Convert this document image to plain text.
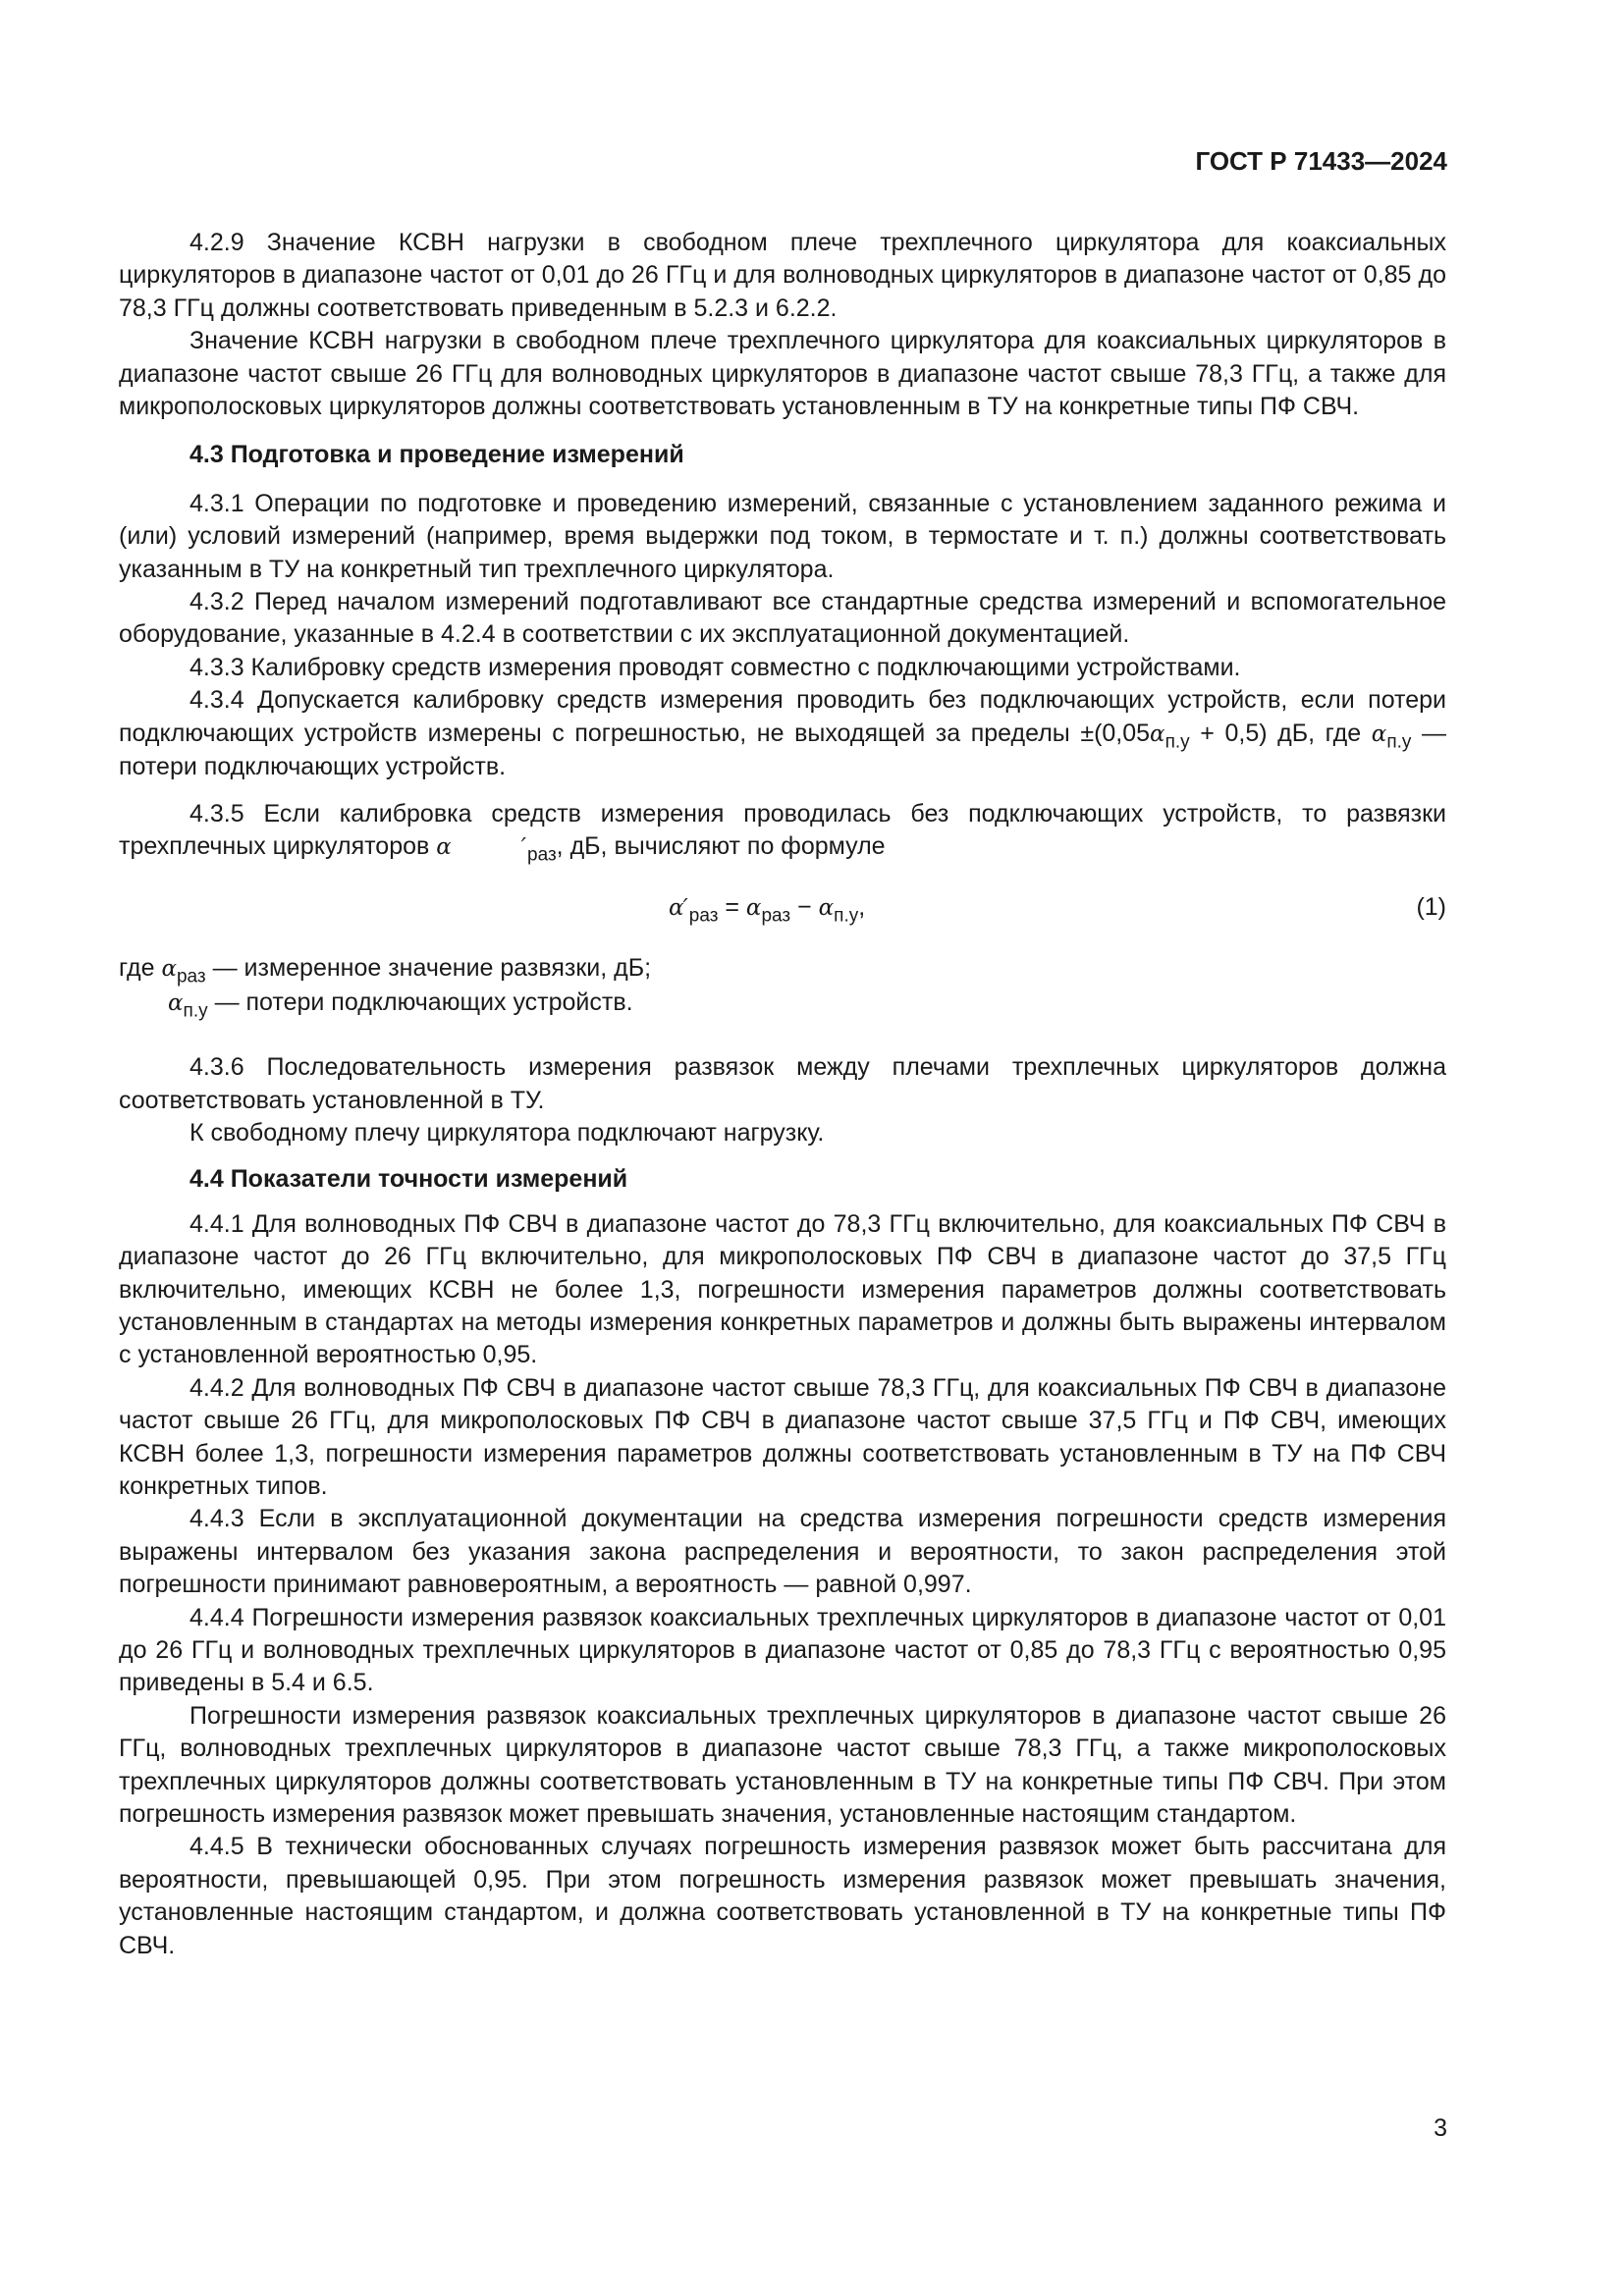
ГОСТ Р 71433—2024

4.2.9 Значение КСВН нагрузки в свободном плече трехплечного циркулятора для коаксиальных циркуляторов в диапазоне частот от 0,01 до 26 ГГц и для волноводных циркуляторов в диапазоне частот от 0,85 до 78,3 ГГц должны соответствовать приведенным в 5.2.3 и 6.2.2.

Значение КСВН нагрузки в свободном плече трехплечного циркулятора для коаксиальных циркуляторов в диапазоне частот свыше 26 ГГц для волноводных циркуляторов в диапазоне частот свыше 78,3 ГГц, а также для микрополосковых циркуляторов должны соответствовать установленным в ТУ на конкретные типы ПФ СВЧ.

4.3 Подготовка и проведение измерений

4.3.1 Операции по подготовке и проведению измерений, связанные с установлением заданного режима и (или) условий измерений (например, время выдержки под током, в термостате и т. п.) должны соответствовать указанным в ТУ на конкретный тип трехплечного циркулятора.

4.3.2 Перед началом измерений подготавливают все стандартные средства измерений и вспомогательное оборудование, указанные в 4.2.4 в соответствии с их эксплуатационной документацией.

4.3.3 Калибровку средств измерения проводят совместно с подключающими устройствами.

4.3.4 Допускается калибровку средств измерения проводить без подключающих устройств, если потери подключающих устройств измерены с погрешностью, не выходящей за пределы $\pm(0,05\alpha_{п.у} + 0,5)$ дБ, где $\alpha_{п.у}$ — потери подключающих устройств.

4.3.5 Если калибровка средств измерения проводилась без подключающих устройств, то развязки трехплечных циркуляторов α	$'_{раз}$, дБ, вычисляют по формуле

$\alpha'_{раз} = \alpha_{раз} - \alpha_{п.у}$,	(1)

где $\alpha_{раз}$ — измеренное значение развязки, дБ;

$\alpha_{п.у}$ — потери подключающих устройств.

4.3.6 Последовательность измерения развязок между плечами трехплечных циркуляторов должна соответствовать установленной в ТУ.

К свободному плечу циркулятора подключают нагрузку.

4.4 Показатели точности измерений

4.4.1 Для волноводных ПФ СВЧ в диапазоне частот до 78,3 ГГц включительно, для коаксиальных ПФ СВЧ в диапазоне частот до 26 ГГц включительно, для микрополосковых ПФ СВЧ в диапазоне частот до 37,5 ГГц включительно, имеющих КСВН не более 1,3, погрешности измерения параметров должны соответствовать установленным в стандартах на методы измерения конкретных параметров и должны быть выражены интервалом с установленной вероятностью 0,95.

4.4.2 Для волноводных ПФ СВЧ в диапазоне частот свыше 78,3 ГГц, для коаксиальных ПФ СВЧ в диапазоне частот свыше 26 ГГц, для микрополосковых ПФ СВЧ в диапазоне частот свыше 37,5 ГГц и ПФ СВЧ, имеющих КСВН более 1,3, погрешности измерения параметров должны соответствовать установленным в ТУ на ПФ СВЧ конкретных типов.

4.4.3 Если в эксплуатационной документации на средства измерения погрешности средств измерения выражены интервалом без указания закона распределения и вероятности, то закон распределения этой погрешности принимают равновероятным, а вероятность — равной 0,997.

4.4.4 Погрешности измерения развязок коаксиальных трехплечных циркуляторов в диапазоне частот от 0,01 до 26 ГГц и волноводных трехплечных циркуляторов в диапазоне частот от 0,85 до 78,3 ГГц с вероятностью 0,95 приведены в 5.4 и 6.5.

Погрешности измерения развязок коаксиальных трехплечных циркуляторов в диапазоне частот свыше 26 ГГц, волноводных трехплечных циркуляторов в диапазоне частот свыше 78,3 ГГц, а также микрополосковых трехплечных циркуляторов должны соответствовать установленным в ТУ на конкретные типы ПФ СВЧ. При этом погрешность измерения развязок может превышать значения, установленные настоящим стандартом.

4.4.5 В технически обоснованных случаях погрешность измерения развязок может быть рассчитана для вероятности, превышающей 0,95. При этом погрешность измерения развязок может превышать значения, установленные настоящим стандартом, и должна соответствовать установленной в ТУ на конкретные типы ПФ СВЧ.

3
